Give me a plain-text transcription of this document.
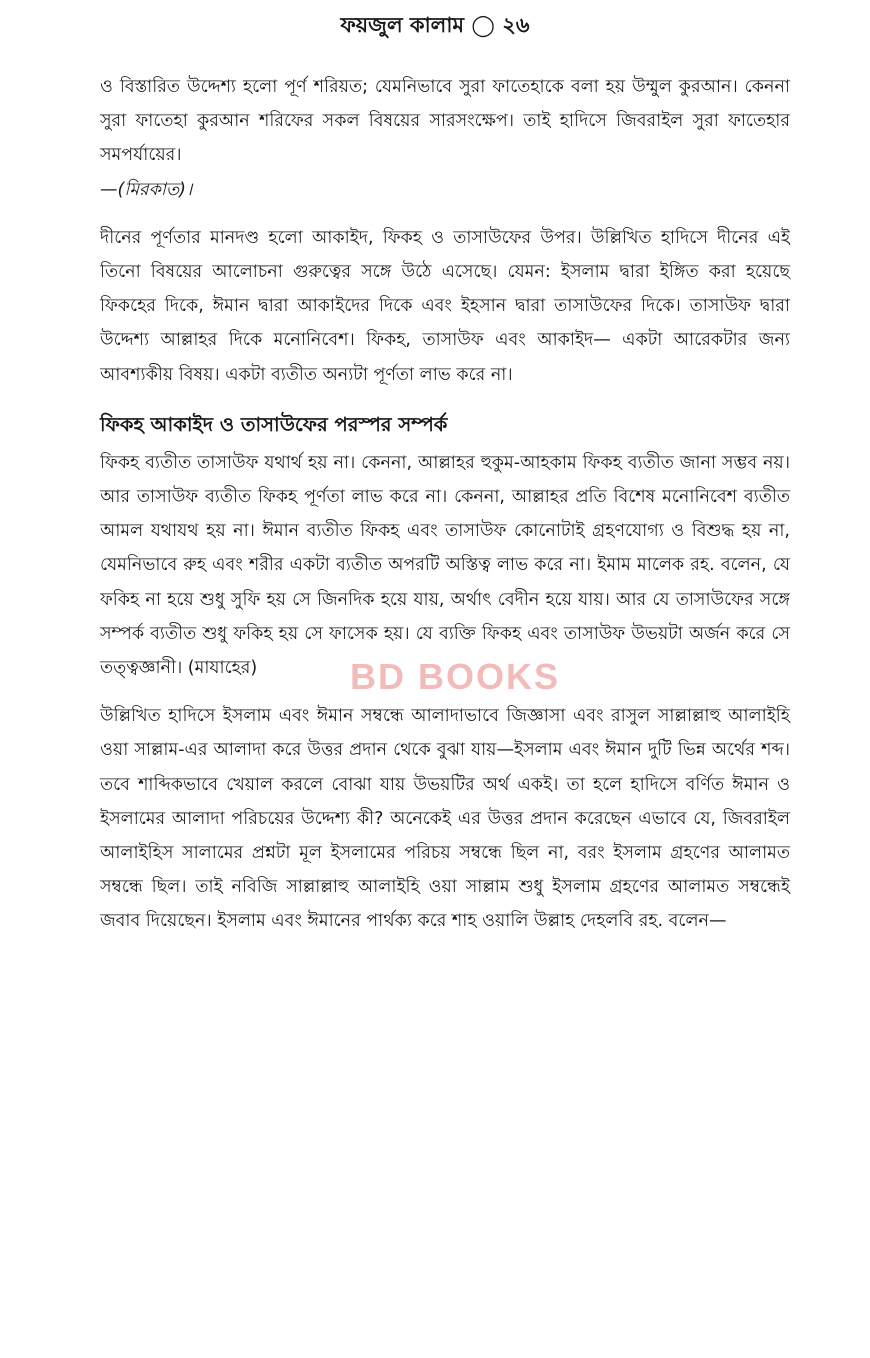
ফয়জুল কালাম ◯ ২৬

ও বিস্তারিত উদ্দেশ্য হলো পূর্ণ শরিয়ত; যেমনিভাবে সুরা ফাতেহাকে বলা হয় উম্মুল কুরআন। কেননা সুরা ফাতেহা কুরআন শরিফের সকল বিষয়ের সারসংক্ষেপ। তাই হাদিসে জিবরাইল সুরা ফাতেহার সমপর্যায়ের।

—(মিরকাত)।

দীনের পূর্ণতার মানদণ্ড হলো আকাইদ, ফিকহ ও তাসাউফের উপর। উল্লিখিত হাদিসে দীনের এই তিনো বিষয়ের আলোচনা গুরুত্বের সঙ্গে উঠে এসেছে। যেমন: ইসলাম দ্বারা ইঙ্গিত করা হয়েছে ফিকহের দিকে, ঈমান দ্বারা আকাইদের দিকে এবং ইহসান দ্বারা তাসাউফের দিকে। তাসাউফ দ্বারা উদ্দেশ্য আল্লাহর দিকে মনোনিবেশ। ফিকহ, তাসাউফ এবং আকাইদ— একটা আরেকটার জন্য আবশ্যকীয় বিষয়। একটা ব্যতীত অন্যটা পূর্ণতা লাভ করে না।

ফিকহ আকাইদ ও তাসাউফের পরস্পর সম্পর্ক

ফিকহ ব্যতীত তাসাউফ যথার্থ হয় না। কেননা, আল্লাহর হুকুম-আহকাম ফিকহ ব্যতীত জানা সম্ভব নয়। আর তাসাউফ ব্যতীত ফিকহ পূর্ণতা লাভ করে না। কেননা, আল্লাহর প্রতি বিশেষ মনোনিবেশ ব্যতীত আমল যথাযথ হয় না। ঈমান ব্যতীত ফিকহ এবং তাসাউফ কোনোটাই গ্রহণযোগ্য ও বিশুদ্ধ হয় না, যেমনিভাবে রুহ এবং শরীর একটা ব্যতীত অপরটি অস্তিত্ব লাভ করে না। ইমাম মালেক রহ. বলেন, যে ফকিহ না হয়ে শুধু সুফি হয় সে জিনদিক হয়ে যায়, অর্থাৎ বেদীন হয়ে যায়। আর যে তাসাউফের সঙ্গে সম্পর্ক ব্যতীত শুধু ফকিহ হয় সে ফাসেক হয়। যে ব্যক্তি ফিকহ এবং তাসাউফ উভয়টা অর্জন করে সে তত্ত্বজ্ঞানী। (মাযাহের)

উল্লিখিত হাদিসে ইসলাম এবং ঈমান সম্বন্ধে আলাদাভাবে জিজ্ঞাসা এবং রাসুল সাল্লাল্লাহু আলাইহি ওয়া সাল্লাম-এর আলাদা করে উত্তর প্রদান থেকে বুঝা যায়—ইসলাম এবং ঈমান দুটি ভিন্ন অর্থের শব্দ। তবে শাব্দিকভাবে খেয়াল করলে বোঝা যায় উভয়টির অর্থ একই। তা হলে হাদিসে বর্ণিত ঈমান ও ইসলামের আলাদা পরিচয়ের উদ্দেশ্য কী? অনেকেই এর উত্তর প্রদান করেছেন এভাবে যে, জিবরাইল আলাইহিস সালামের প্রশ্নটা মূল ইসলামের পরিচয় সম্বন্ধে ছিল না, বরং ইসলাম গ্রহণের আলামত সম্বন্ধে ছিল। তাই নবিজি সাল্লাল্লাহু আলাইহি ওয়া সাল্লাম শুধু ইসলাম গ্রহণের আলামত সম্বন্ধেই জবাব দিয়েছেন। ইসলাম এবং ঈমানের পার্থক্য করে শাহ ওয়ালি উল্লাহ দেহলবি রহ. বলেন—

BD BOOKS
